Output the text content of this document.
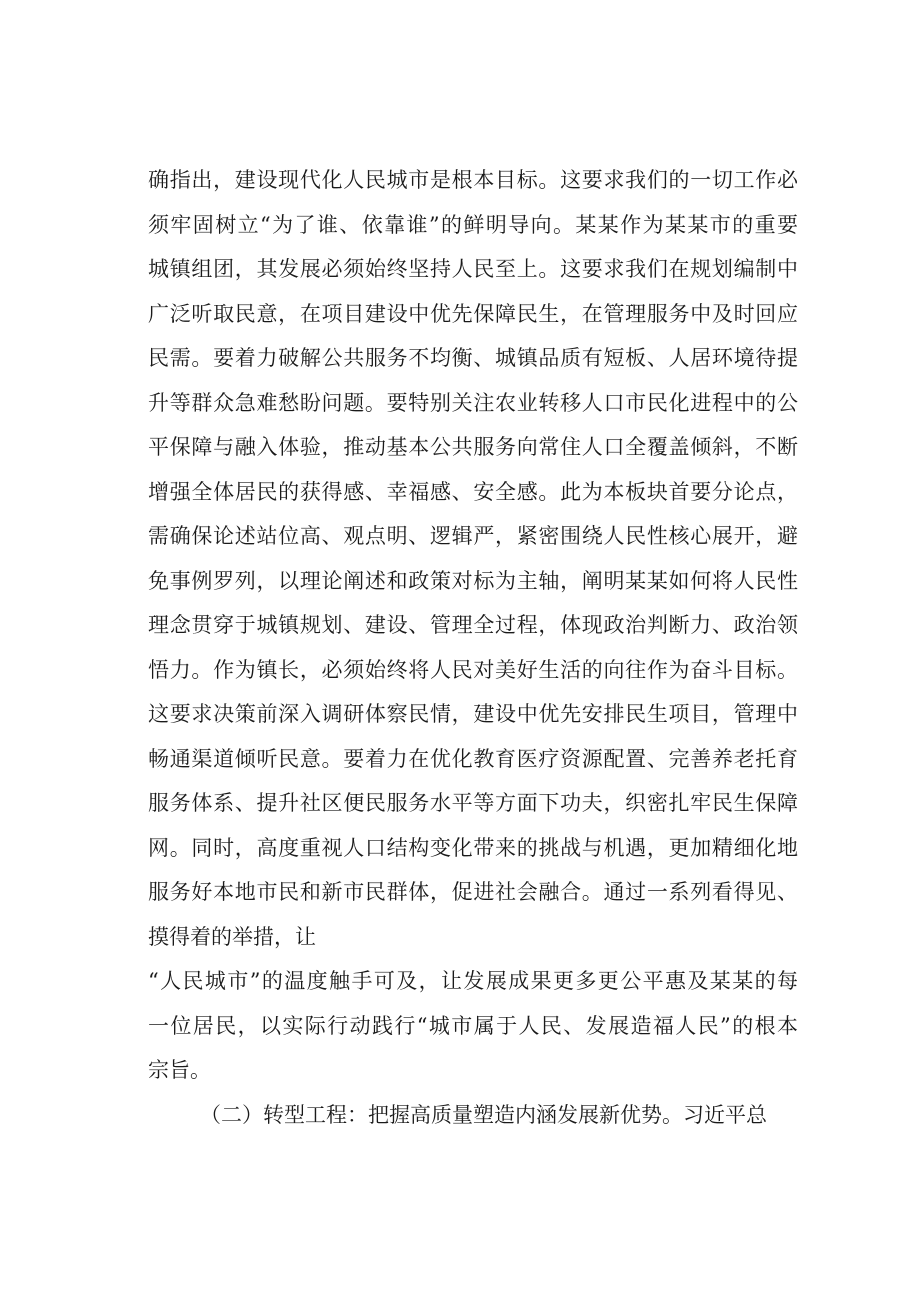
确指出，建设现代化人民城市是根本目标。这要求我们的一切工作必
须牢固树立“为了谁、依靠谁”的鲜明导向。某某作为某某市的重要
城镇组团，其发展必须始终坚持人民至上。这要求我们在规划编制中
广泛听取民意，在项目建设中优先保障民生，在管理服务中及时回应
民需。要着力破解公共服务不均衡、城镇品质有短板、人居环境待提
升等群众急难愁盼问题。要特别关注农业转移人口市民化进程中的公
平保障与融入体验，推动基本公共服务向常住人口全覆盖倾斜，不断
增强全体居民的获得感、幸福感、安全感。此为本板块首要分论点，
需确保论述站位高、观点明、逻辑严，紧密围绕人民性核心展开，避
免事例罗列，以理论阐述和政策对标为主轴，阐明某某如何将人民性
理念贯穿于城镇规划、建设、管理全过程，体现政治判断力、政治领
悟力。作为镇长，必须始终将人民对美好生活的向往作为奋斗目标。
这要求决策前深入调研体察民情，建设中优先安排民生项目，管理中
畅通渠道倾听民意。要着力在优化教育医疗资源配置、完善养老托育
服务体系、提升社区便民服务水平等方面下功夫，织密扎牢民生保障
网。同时，高度重视人口结构变化带来的挑战与机遇，更加精细化地
服务好本地市民和新市民群体，促进社会融合。通过一系列看得见、
摸得着的举措，让
“人民城市”的温度触手可及，让发展成果更多更公平惠及某某的每
一位居民，以实际行动践行“城市属于人民、发展造福人民”的根本
宗旨。
（二）转型工程：把握高质量塑造内涵发展新优势。习近平总
